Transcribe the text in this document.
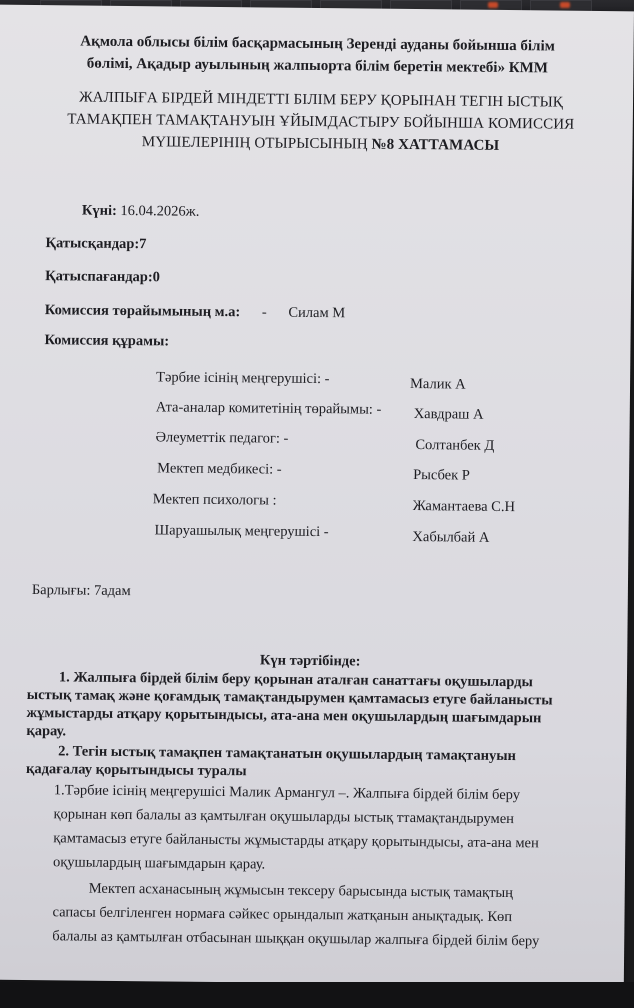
Ақмола облысы білім басқармасының Зеренді ауданы бойынша білім
бөлімі, Ақадыр ауылының жалпыорта білім беретін мектебі» КММ
ЖАЛПЫҒА БІРДЕЙ МІНДЕТТІ БІЛІМ БЕРУ ҚОРЫНАН ТЕГІН ЫСТЫҚ
ТАМАҚПЕН ТАМАҚТАНУЫН ҰЙЫМДАСТЫРУ БОЙЫНША КОМИССИЯ
МҮШЕЛЕРІНІҢ ОТЫРЫСЫНЫҢ №8 ХАТТАМАСЫ
Күні: 16.04.2026ж.
Қатысқандар:7
Қатыспағандар:0
Комиссия төрайымының м.а: - Силам М
Комиссия құрамы:
Тәрбие ісінің меңгерушісі: -	Малик А
Ата-аналар комитетінің төрайымы: - Хавдраш А
Әлеуметтік педагог: -	Солтанбек Д
Мектеп медбикесі: -	Рысбек Р
Мектеп психологы :	Жамантаева С.Н
Шаруашылық меңгерушісі -	Хабылбай А
Барлығы: 7адам
Күн тәртібінде:
1. Жалпыға бірдей білім беру қорынан аталған санаттағы оқушыларды
ыстық тамақ және қоғамдық тамақтандырумен қамтамасыз етуге байланысты
жұмыстарды атқару қорытындысы, ата-ана мен оқушылардың шағымдарын
қарау.
2. Тегін ыстық тамақпен тамақтанатын оқушылардың тамақтануын
қадағалау қорытындысы туралы
1.Тәрбие ісінің меңгерушісі Малик Армангул –. Жалпыға бірдей білім беру
қорынан көп балалы аз қамтылған оқушыларды ыстық ттамақтандырумен
қамтамасыз етуге байланысты жұмыстарды атқару қорытындысы, ата-ана мен
оқушылардың шағымдарын қарау.
Мектеп асханасының жұмысын тексеру барысында ыстық тамақтың
сапасы белгіленген нормаға сәйкес орындалып жатқанын анықтадық. Көп
балалы аз қамтылған отбасынан шыққан оқушылар жалпыға бірдей білім беру
